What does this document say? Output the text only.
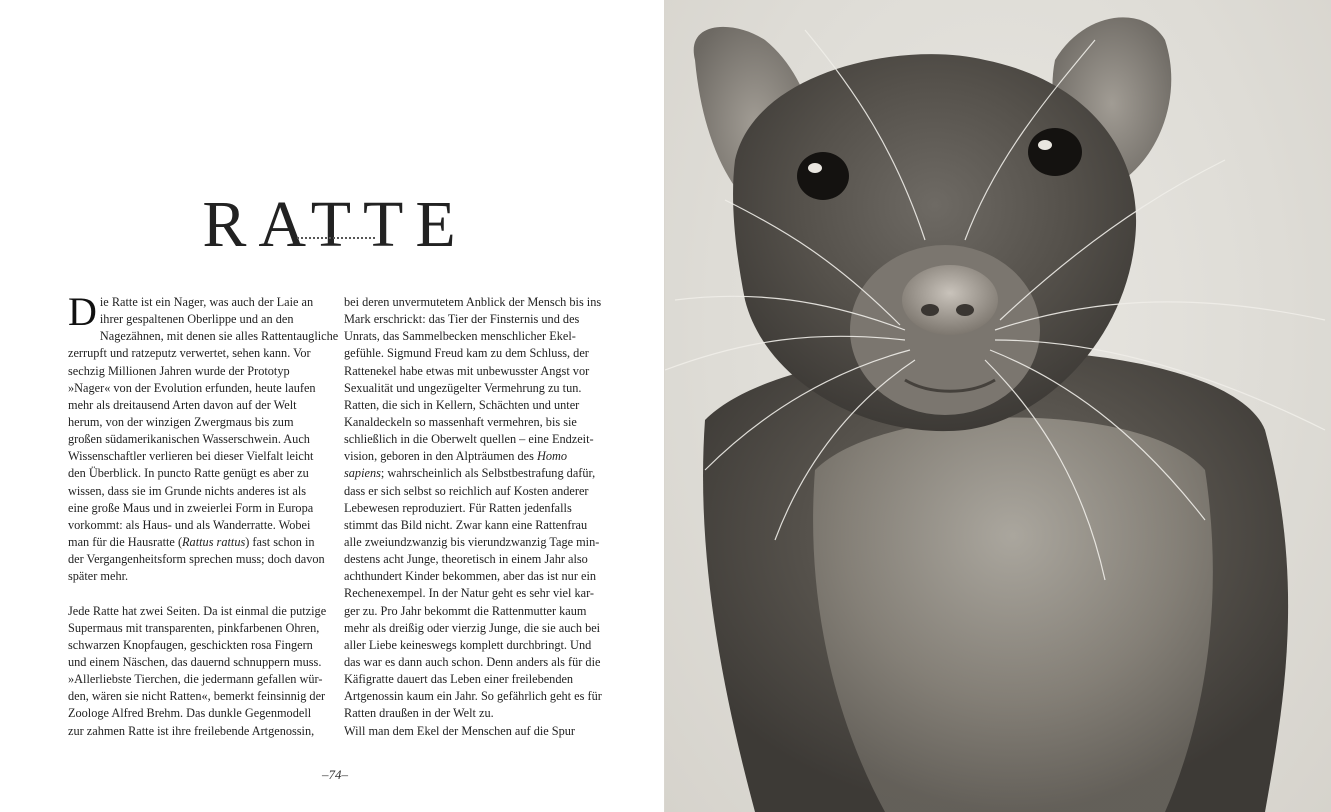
RATTE

D ie Ratte ist ein Nager, was auch der Laie an
ihrer gespaltenen Oberlippe und an den
Nagezähnen, mit denen sie alles Rattentaugliche
zerrupft und ratzeputz verwertet, sehen kann. Vor
sechzig Millionen Jahren wurde der Prototyp
»Nager« von der Evolution erfunden, heute laufen
mehr als dreitausend Arten davon auf der Welt
herum, von der winzigen Zwergmaus bis zum
großen südamerikanischen Wasserschwein. Auch
Wissenschaftler verlieren bei dieser Vielfalt leicht
den Überblick. In puncto Ratte genügt es aber zu
wissen, dass sie im Grunde nichts anderes ist als
eine große Maus und in zweierlei Form in Europa
vorkommt: als Haus- und als Wanderratte. Wobei
man für die Hausratte (Rattus rattus) fast schon in
der Vergangenheitsform sprechen muss; doch davon
später mehr.

Jede Ratte hat zwei Seiten. Da ist einmal die putzige
Supermaus mit transparenten, pinkfarbenen Ohren,
schwarzen Knopfaugen, geschickten rosa Fingern
und einem Näschen, das dauernd schnuppern muss.
»Allerliebste Tierchen, die jedermann gefallen wür-
den, wären sie nicht Ratten«, bemerkt feinsinnig der
Zoologe Alfred Brehm. Das dunkle Gegenmodell
zur zahmen Ratte ist ihre freilebende Artgenossin,

bei deren unvermutetem Anblick der Mensch bis ins
Mark erschrickt: das Tier der Finsternis und des
Unrats, das Sammelbecken menschlicher Ekel-
gefühle. Sigmund Freud kam zu dem Schluss, der
Rattenekel habe etwas mit unbewusster Angst vor
Sexualität und ungezügelter Vermehrung zu tun.
Ratten, die sich in Kellern, Schächten und unter
Kanaldeckeln so massenhaft vermehren, bis sie
schließlich in die Oberwelt quellen – eine Endzeit-
vision, geboren in den Alpträumen des Homo
sapiens; wahrscheinlich als Selbstbestrafung dafür,
dass er sich selbst so reichlich auf Kosten anderer
Lebewesen reproduziert. Für Ratten jedenfalls
stimmt das Bild nicht. Zwar kann eine Rattenfrau
alle zweiundzwanzig bis vierundzwanzig Tage min-
destens acht Junge, theoretisch in einem Jahr also
achthundert Kinder bekommen, aber das ist nur ein
Rechenexempel. In der Natur geht es sehr viel kar-
ger zu. Pro Jahr bekommt die Rattenmutter kaum
mehr als dreißig oder vierzig Junge, die sie auch bei
aller Liebe keineswegs komplett durchbringt. Und
das war es dann auch schon. Denn anders als für die
Käfigratte dauert das Leben einer freilebenden
Artgenossin kaum ein Jahr. So gefährlich geht es für
Ratten draußen in der Welt zu.
Will man dem Ekel der Menschen auf die Spur

–74–
